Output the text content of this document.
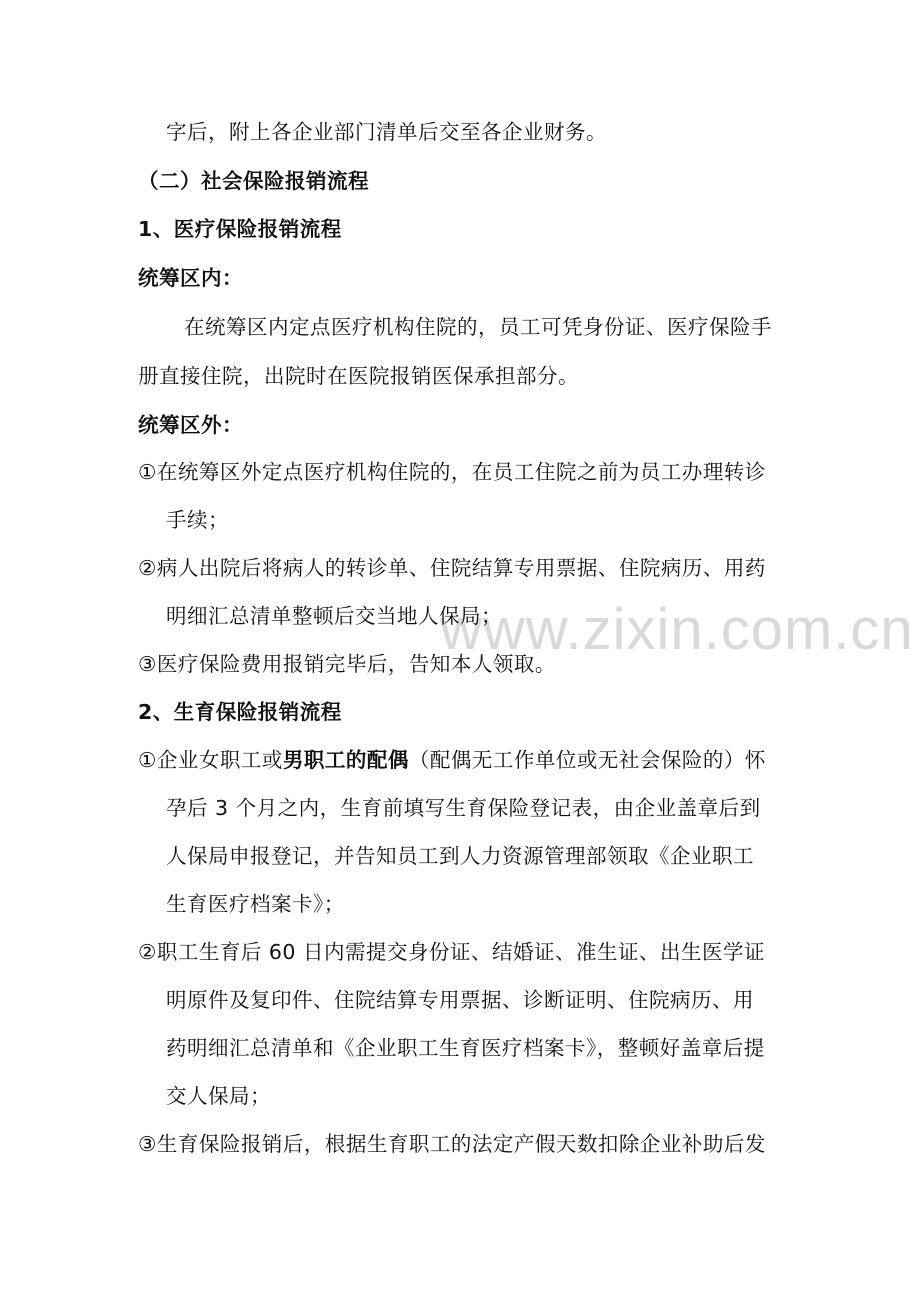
www.zixin.com.cn

字后，附上各企业部门清单后交至各企业财务。

（二）社会保险报销流程

1、医疗保险报销流程

统筹区内：

在统筹区内定点医疗机构住院的，员工可凭身份证、医疗保险手

册直接住院，出院时在医院报销医保承担部分。

统筹区外：

①在统筹区外定点医疗机构住院的，在员工住院之前为员工办理转诊

手续；

②病人出院后将病人的转诊单、住院结算专用票据、住院病历、用药

明细汇总清单整顿后交当地人保局；

③医疗保险费用报销完毕后，告知本人领取。

2、生育保险报销流程

①企业女职工或男职工的配偶（配偶无工作单位或无社会保险的）怀

孕后 3 个月之内，生育前填写生育保险登记表，由企业盖章后到

人保局申报登记，并告知员工到人力资源管理部领取《企业职工

生育医疗档案卡》；

②职工生育后 60 日内需提交身份证、结婚证、准生证、出生医学证

明原件及复印件、住院结算专用票据、诊断证明、住院病历、用

药明细汇总清单和《企业职工生育医疗档案卡》，整顿好盖章后提

交人保局；

③生育保险报销后，根据生育职工的法定产假天数扣除企业补助后发
